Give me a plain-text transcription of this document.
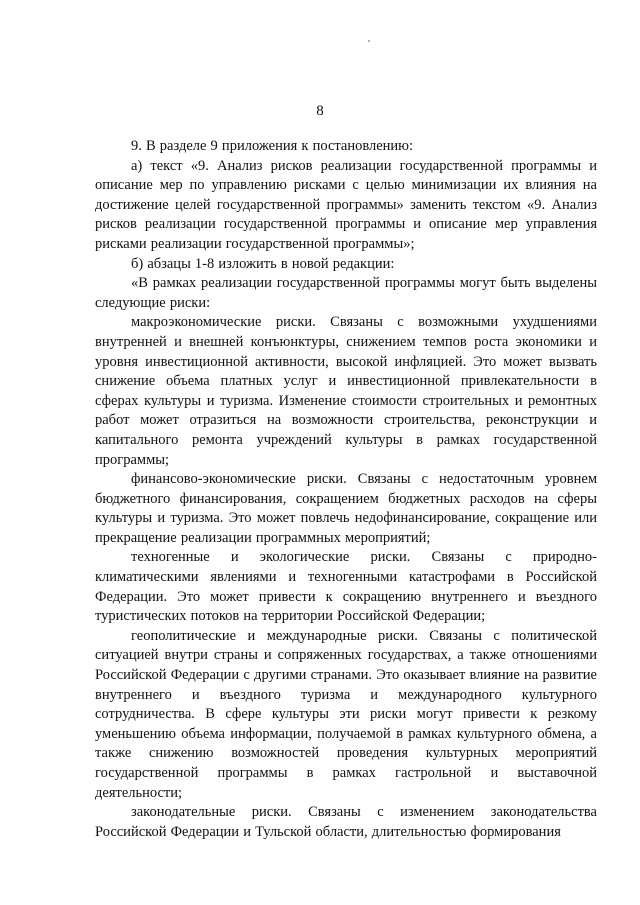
8

9. В разделе 9 приложения к постановлению:

а) текст «9. Анализ рисков реализации государственной программы и описание мер по управлению рисками с целью минимизации их влияния на достижение целей государственной программы» заменить текстом «9. Анализ рисков реализации государственной программы и описание мер управления рисками реализации государственной программы»;

б) абзацы 1-8 изложить в новой редакции:

«В рамках реализации государственной программы могут быть выделены следующие риски:

макроэкономические риски. Связаны с возможными ухудшениями внутренней и внешней конъюнктуры, снижением темпов роста экономики и уровня инвестиционной активности, высокой инфляцией. Это может вызвать снижение объема платных услуг и инвестиционной привлекательности в сферах культуры и туризма. Изменение стоимости строительных и ремонтных работ может отразиться на возможности строительства, реконструкции и капитального ремонта учреждений культуры в рамках государственной программы;

финансово-экономические риски. Связаны с недостаточным уровнем бюджетного финансирования, сокращением бюджетных расходов на сферы культуры и туризма. Это может повлечь недофинансирование, сокращение или прекращение реализации программных мероприятий;

техногенные и экологические риски. Связаны с природно-климатическими явлениями и техногенными катастрофами в Российской Федерации. Это может привести к сокращению внутреннего и въездного туристических потоков на территории Российской Федерации;

геополитические и международные риски. Связаны с политической ситуацией внутри страны и сопряженных государствах, а также отношениями Российской Федерации с другими странами. Это оказывает влияние на развитие внутреннего и въездного туризма и международного культурного сотрудничества. В сфере культуры эти риски могут привести к резкому уменьшению объема информации, получаемой в рамках культурного обмена, а также снижению возможностей проведения культурных мероприятий государственной программы в рамках гастрольной и выставочной деятельности;

законодательные риски. Связаны с изменением законодательства Российской Федерации и Тульской области, длительностью формирования
